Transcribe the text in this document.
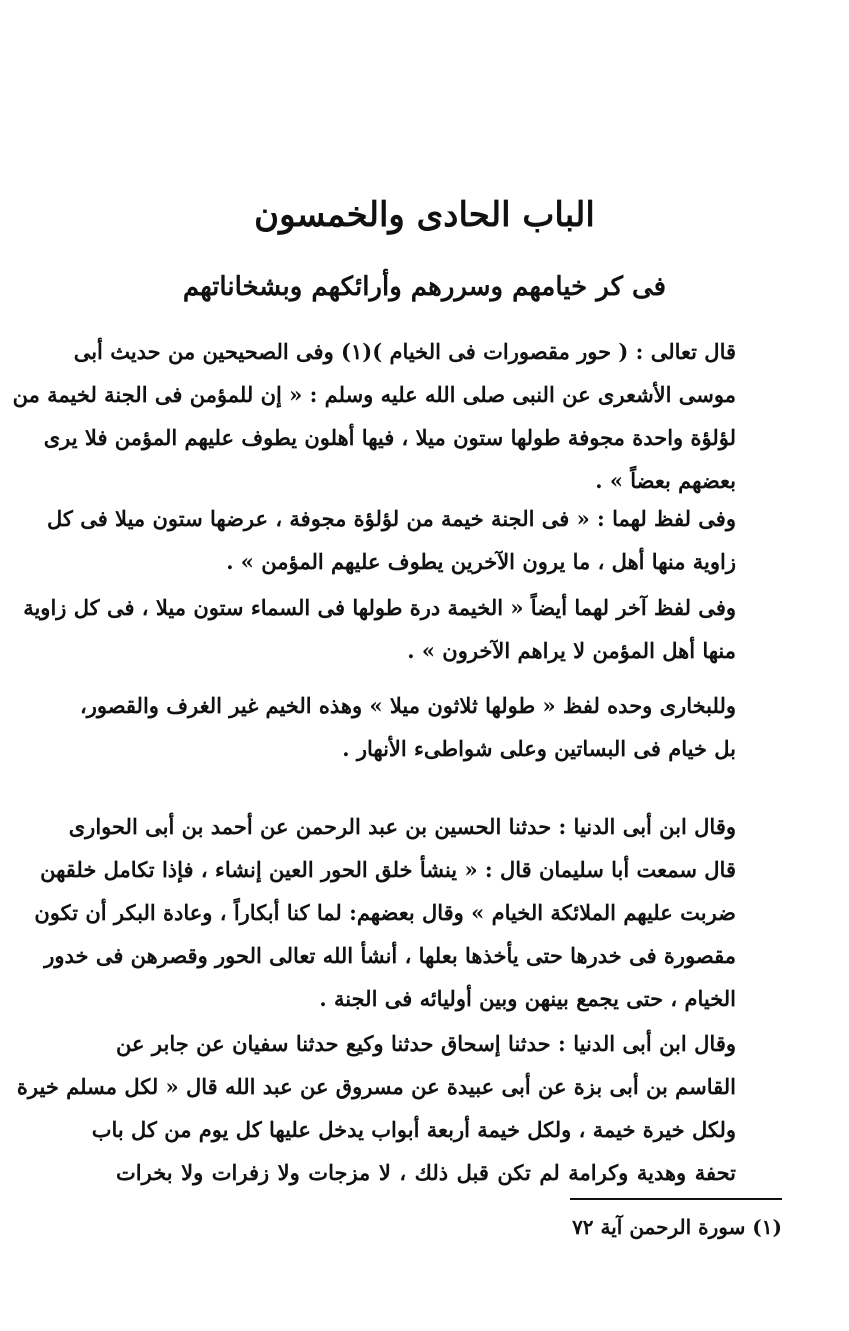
الباب الحادى والخمسون
فى كر خيامهم وسررهم وأرائكهم وبشخاناتهم
قال تعالى : ( حور مقصورات فى الخيام )(١) وفى الصحيحين من حديث أبى
موسى الأشعرى عن النبى صلى الله عليه وسلم : « إن للمؤمن فى الجنة لخيمة من
لؤلؤة واحدة مجوفة طولها ستون ميلا ، فيها أهلون يطوف عليهم المؤمن فلا يرى
بعضهم بعضاً » .
وفى لفظ لهما : « فى الجنة خيمة من لؤلؤة مجوفة ، عرضها ستون ميلا فى كل
زاوية منها أهل ، ما يرون الآخرين يطوف عليهم المؤمن » .
وفى لفظ آخر لهما أيضاً « الخيمة درة طولها فى السماء ستون ميلا ، فى كل زاوية
منها أهل المؤمن لا يراهم الآخرون » .
وللبخارى وحده لفظ « طولها ثلاثون ميلا » وهذه الخيم غير الغرف والقصور،
بل خيام فى البساتين وعلى شواطىء الأنهار .
وقال ابن أبى الدنيا : حدثنا الحسين بن عبد الرحمن عن أحمد بن أبى الحوارى
قال سمعت أبا سليمان قال : « ينشأ خلق الحور العين إنشاء ، فإذا تكامل خلقهن
ضربت عليهم الملائكة الخيام » وقال بعضهم: لما كنا أبكاراً ، وعادة البكر أن تكون
مقصورة فى خدرها حتى يأخذها بعلها ، أنشأ الله تعالى الحور وقصرهن فى خدور
الخيام ، حتى يجمع بينهن وبين أوليائه فى الجنة .
وقال ابن أبى الدنيا : حدثنا إسحاق حدثنا وكيع حدثنا سفيان عن جابر عن
القاسم بن أبى بزة عن أبى عبيدة عن مسروق عن عبد الله قال « لكل مسلم خيرة
ولكل خيرة خيمة ، ولكل خيمة أربعة أبواب يدخل عليها كل يوم من كل باب
تحفة وهدية وكرامة لم تكن قبل ذلك ، لا مزجات ولا زفرات ولا بخرات
(١) سورة الرحمن آية ٧٢
